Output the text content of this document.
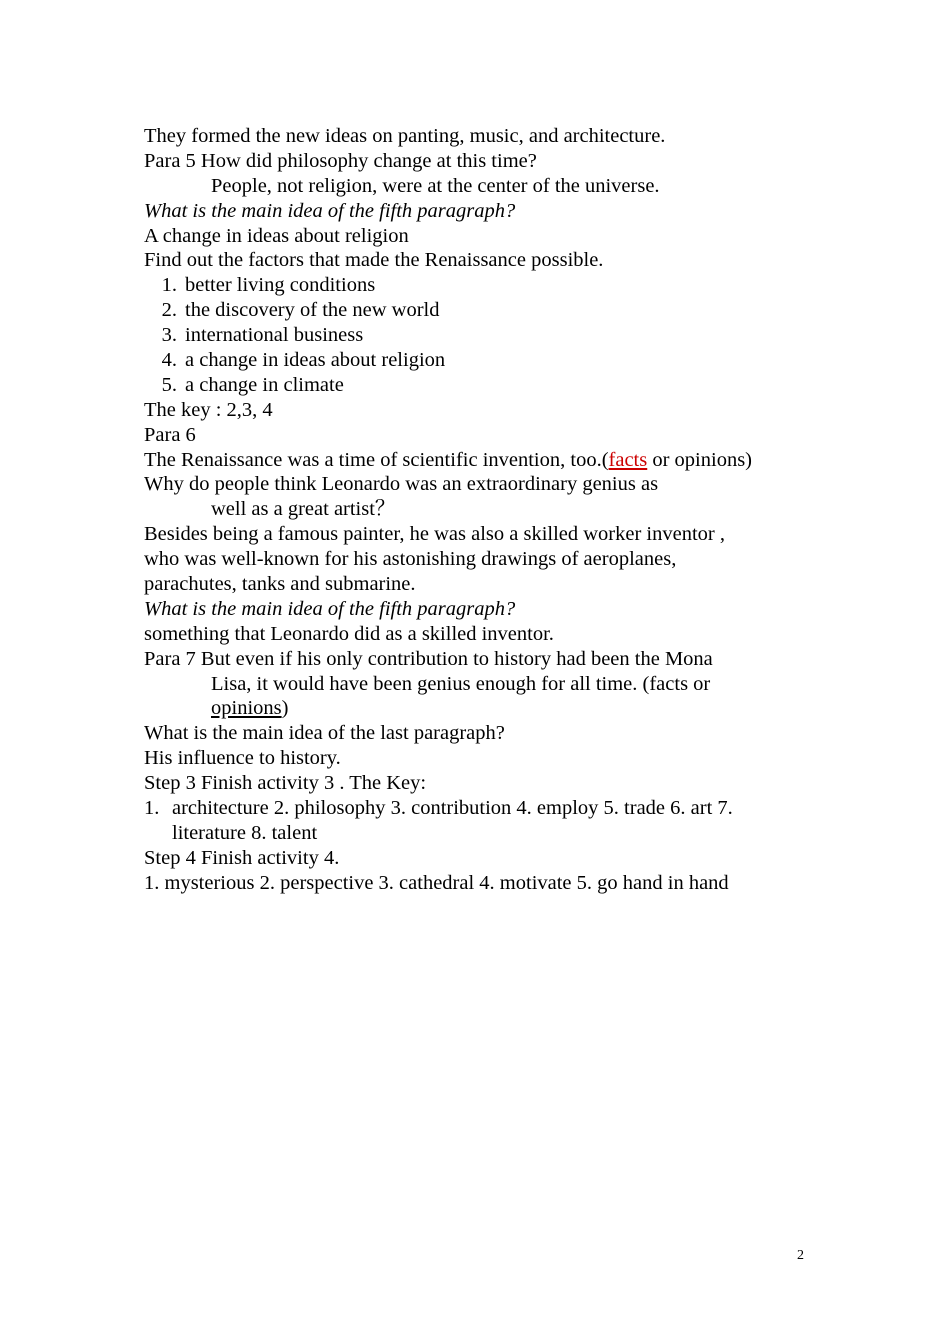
They formed the new ideas on panting, music, and architecture.
Para 5 How did philosophy change at this time?
People, not religion, were at the center of the universe.
What is the main idea of the fifth paragraph?
A change in ideas about religion
Find out the factors that made the Renaissance possible.
1. better living conditions
2. the discovery of the new world
3. international business
4. a change in ideas about religion
5. a change in climate
The key : 2,3, 4
Para 6
The Renaissance was a time of scientific invention, too.(facts or opinions)
Why do people think Leonardo was an extraordinary genius as
well as a great artist？
Besides being a famous painter, he was also a skilled worker inventor ,
who was well-known for his astonishing drawings of aeroplanes,
parachutes, tanks and submarine.
What is the main idea of the fifth paragraph?
something that Leonardo did as a skilled inventor.
Para 7 But even if his only contribution to history had been the Mona
Lisa, it would have been genius enough for all time. (facts or
opinions)
What is the main idea of the last paragraph?
His influence to history.
Step 3 Finish activity 3 . The Key:
1. architecture 2. philosophy 3. contribution 4. employ 5. trade 6. art 7.
literature 8. talent
Step 4 Finish activity 4.
1. mysterious 2. perspective 3. cathedral 4. motivate 5. go hand in hand
2
